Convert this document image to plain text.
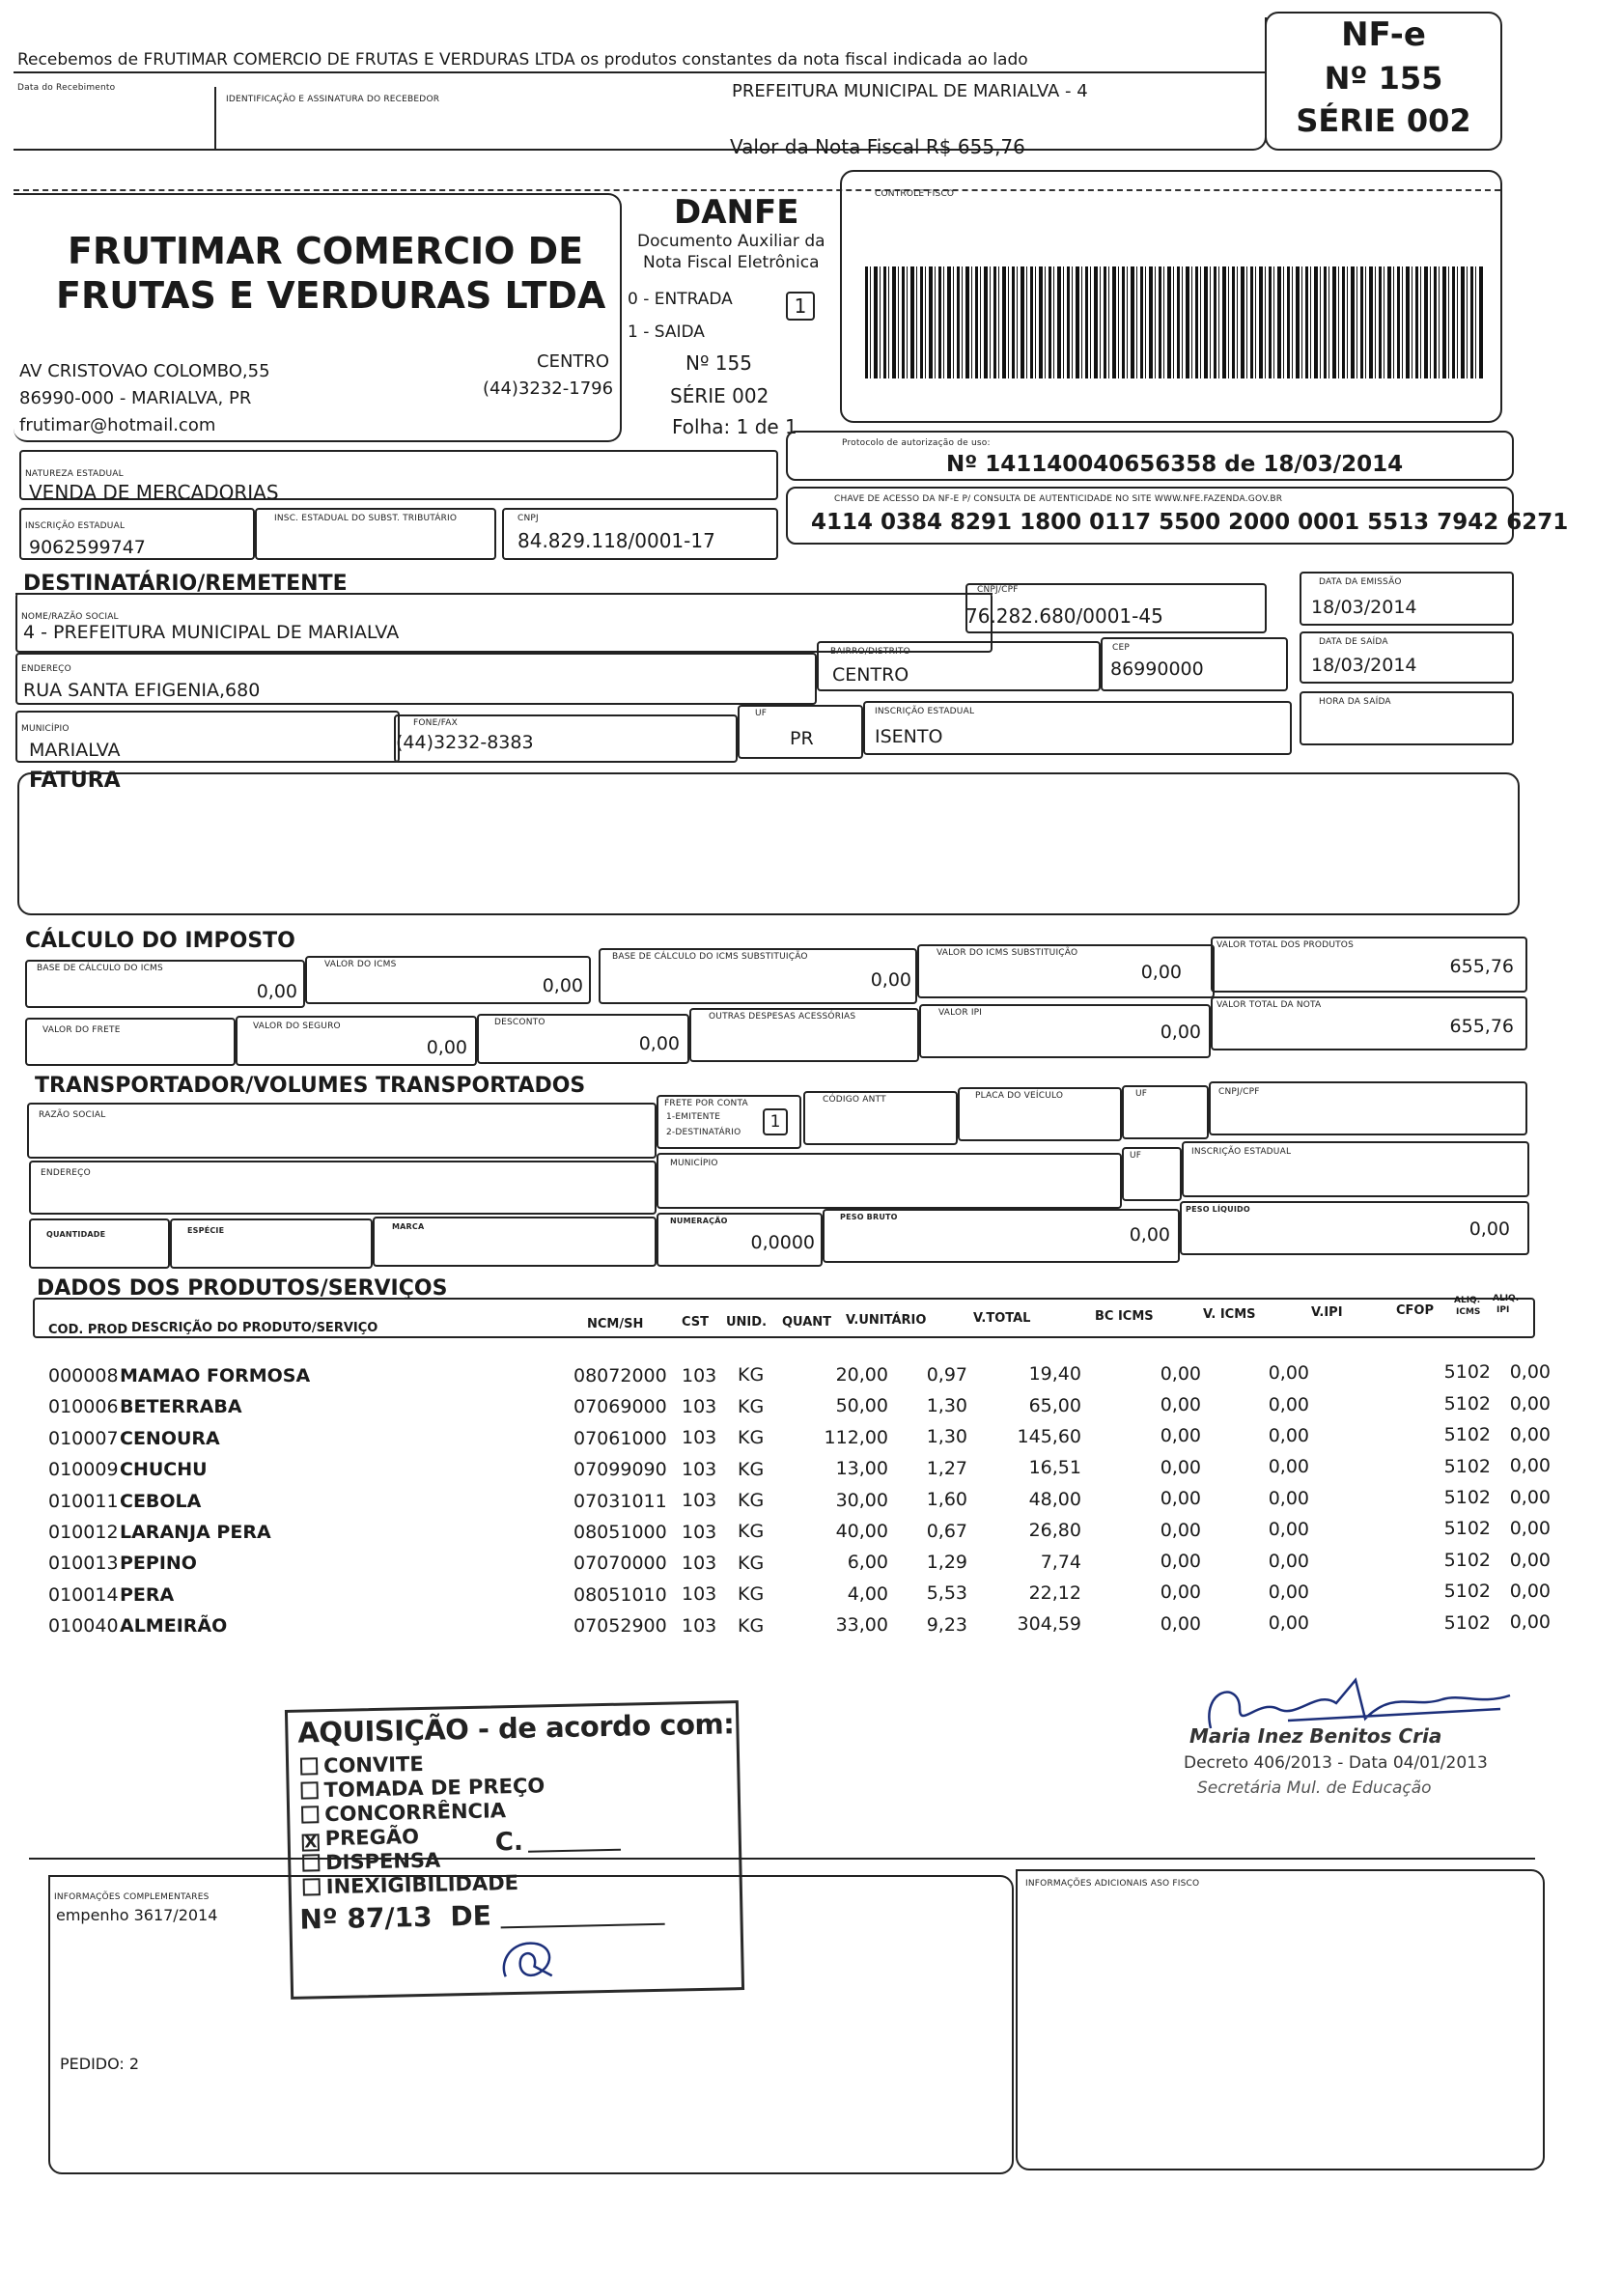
Recebemos de FRUTIMAR COMERCIO DE FRUTAS E VERDURAS LTDA os produtos constantes da nota fiscal indicada ao lado
Data do Recebimento
IDENTIFICAÇÃO E ASSINATURA DO RECEBEDOR	PREFEITURA MUNICIPAL DE MARIALVA - 4
Valor da Nota Fiscal R$ 655,76
NF-e
Nº 155
SÉRIE 002
FRUTIMAR COMERCIO DE
FRUTAS E VERDURAS LTDA
AV CRISTOVAO COLOMBO,55	CENTRO
86990-000 - MARIALVA, PR	(44)3232-1796
frutimar@hotmail.com
DANFE
Documento Auxiliar da
Nota Fiscal Eletrônica
0 - ENTRADA
1 - SAIDA
1
Nº 155
SÉRIE 002
Folha: 1 de 1
CONTROLE FISCO
Protocolo de autorização de uso:
Nº 141140040656358 de 18/03/2014
CHAVE DE ACESSO DA NF-E P/ CONSULTA DE AUTENTICIDADE NO SITE WWW.NFE.FAZENDA.GOV.BR
4114 0384 8291 1800 0117 5500 2000 0001 5513 7942 6271
NATUREZA ESTADUAL
VENDA DE MERCADORIAS
INSCRIÇÃO ESTADUAL
9062599747
INSC. ESTADUAL DO SUBST. TRIBUTÁRIO	CNPJ
84.829.118/0001-17
DESTINATÁRIO/REMETENTE
NOME/RAZÃO SOCIAL
4 - PREFEITURA MUNICIPAL DE MARIALVA
CNPJ/CPF
76.282.680/0001-45
DATA DA EMISSÃO
18/03/2014
ENDEREÇO
RUA SANTA EFIGENIA,680
BAIRRO/DISTRITO
CENTRO
CEP
86990000
DATA DE SAÍDA
18/03/2014
MUNICÍPIO
MARIALVA
FONE/FAX
(44)3232-8383
UF
PR
INSCRIÇÃO ESTADUAL
ISENTO
HORA DA SAÍDA
FATURA
CÁLCULO DO IMPOSTO
BASE DE CÁLCULO DO ICMS
0,00
VALOR DO ICMS
0,00
BASE DE CÁLCULO DO ICMS SUBSTITUIÇÃO
0,00
VALOR DO ICMS SUBSTITUIÇÃO
0,00
VALOR TOTAL DOS PRODUTOS
655,76
VALOR DO FRETE	VALOR DO SEGURO
0,00
DESCONTO
0,00
OUTRAS DESPESAS ACESSÓRIAS	VALOR IPI
0,00
VALOR TOTAL DA NOTA
655,76
TRANSPORTADOR/VOLUMES TRANSPORTADOS
RAZÃO SOCIAL
FRETE POR CONTA
1-EMITENTE
2-DESTINATÁRIO
1
CÓDIGO ANTT	PLACA DO VEÍCULO	UF	CNPJ/CPF
ENDEREÇO
MUNICÍPIO
UF	INSCRIÇÃO ESTADUAL
QUANTIDADE	ESPÉCIE	MARCA
NUMERAÇÃO
0,0000
PESO BRUTO
0,00
PESO LÍQUIDO
0,00
DADOS DOS PRODUTOS/SERVIÇOS
COD. PROD DESCRIÇÃO DO PRODUTO/SERVIÇO	NCM/SH	CST UNID. QUANT V.UNITÁRIO	V.TOTAL	BC ICMS	V. ICMS	V.IPI	CFOP
ALIQ.
ICMS
ALIQ.
IPI
000008 MAMAO FORMOSA	08072000 103 KG	20,00 0,97	19,40	0,00	0,00	5102 0,00
010006 BETERRABA	07069000 103 KG	50,00 1,30	65,00	0,00	0,00	5102 0,00
010007 CENOURA	07061000 103 KG	112,00 1,30	145,60	0,00	0,00	5102 0,00
010009 CHUCHU	07099090 103 KG	13,00 1,27	16,51	0,00	0,00	5102 0,00
010011 CEBOLA	07031011 103 KG	30,00 1,60	48,00	0,00	0,00	5102 0,00
010012 LARANJA PERA	08051000 103 KG	40,00 0,67	26,80	0,00	0,00	5102 0,00
010013 PEPINO	07070000 103 KG	6,00 1,29	7,74	0,00	0,00	5102 0,00
010014 PERA	08051010 103 KG	4,00 5,53	22,12	0,00	0,00	5102 0,00
010040 ALMEIRÃO	07052900 103 KG	33,00 9,23	304,59	0,00	0,00	5102 0,00
AQUISIÇÃO - de acordo com:
CONVITE
TOMADA DE PREÇO
CONCORRÊNCIA
X PREGÃO
DISPENSA
INEXIGIBILIDADE
C.
Nº 87/13 DE
Maria Inez Benitos Cria
Decreto 406/2013 - Data 04/01/2013
Secretária Mul. de Educação
INFORMAÇÕES COMPLEMENTARES
empenho 3617/2014
PEDIDO: 2
INFORMAÇÕES ADICIONAIS ASO FISCO
